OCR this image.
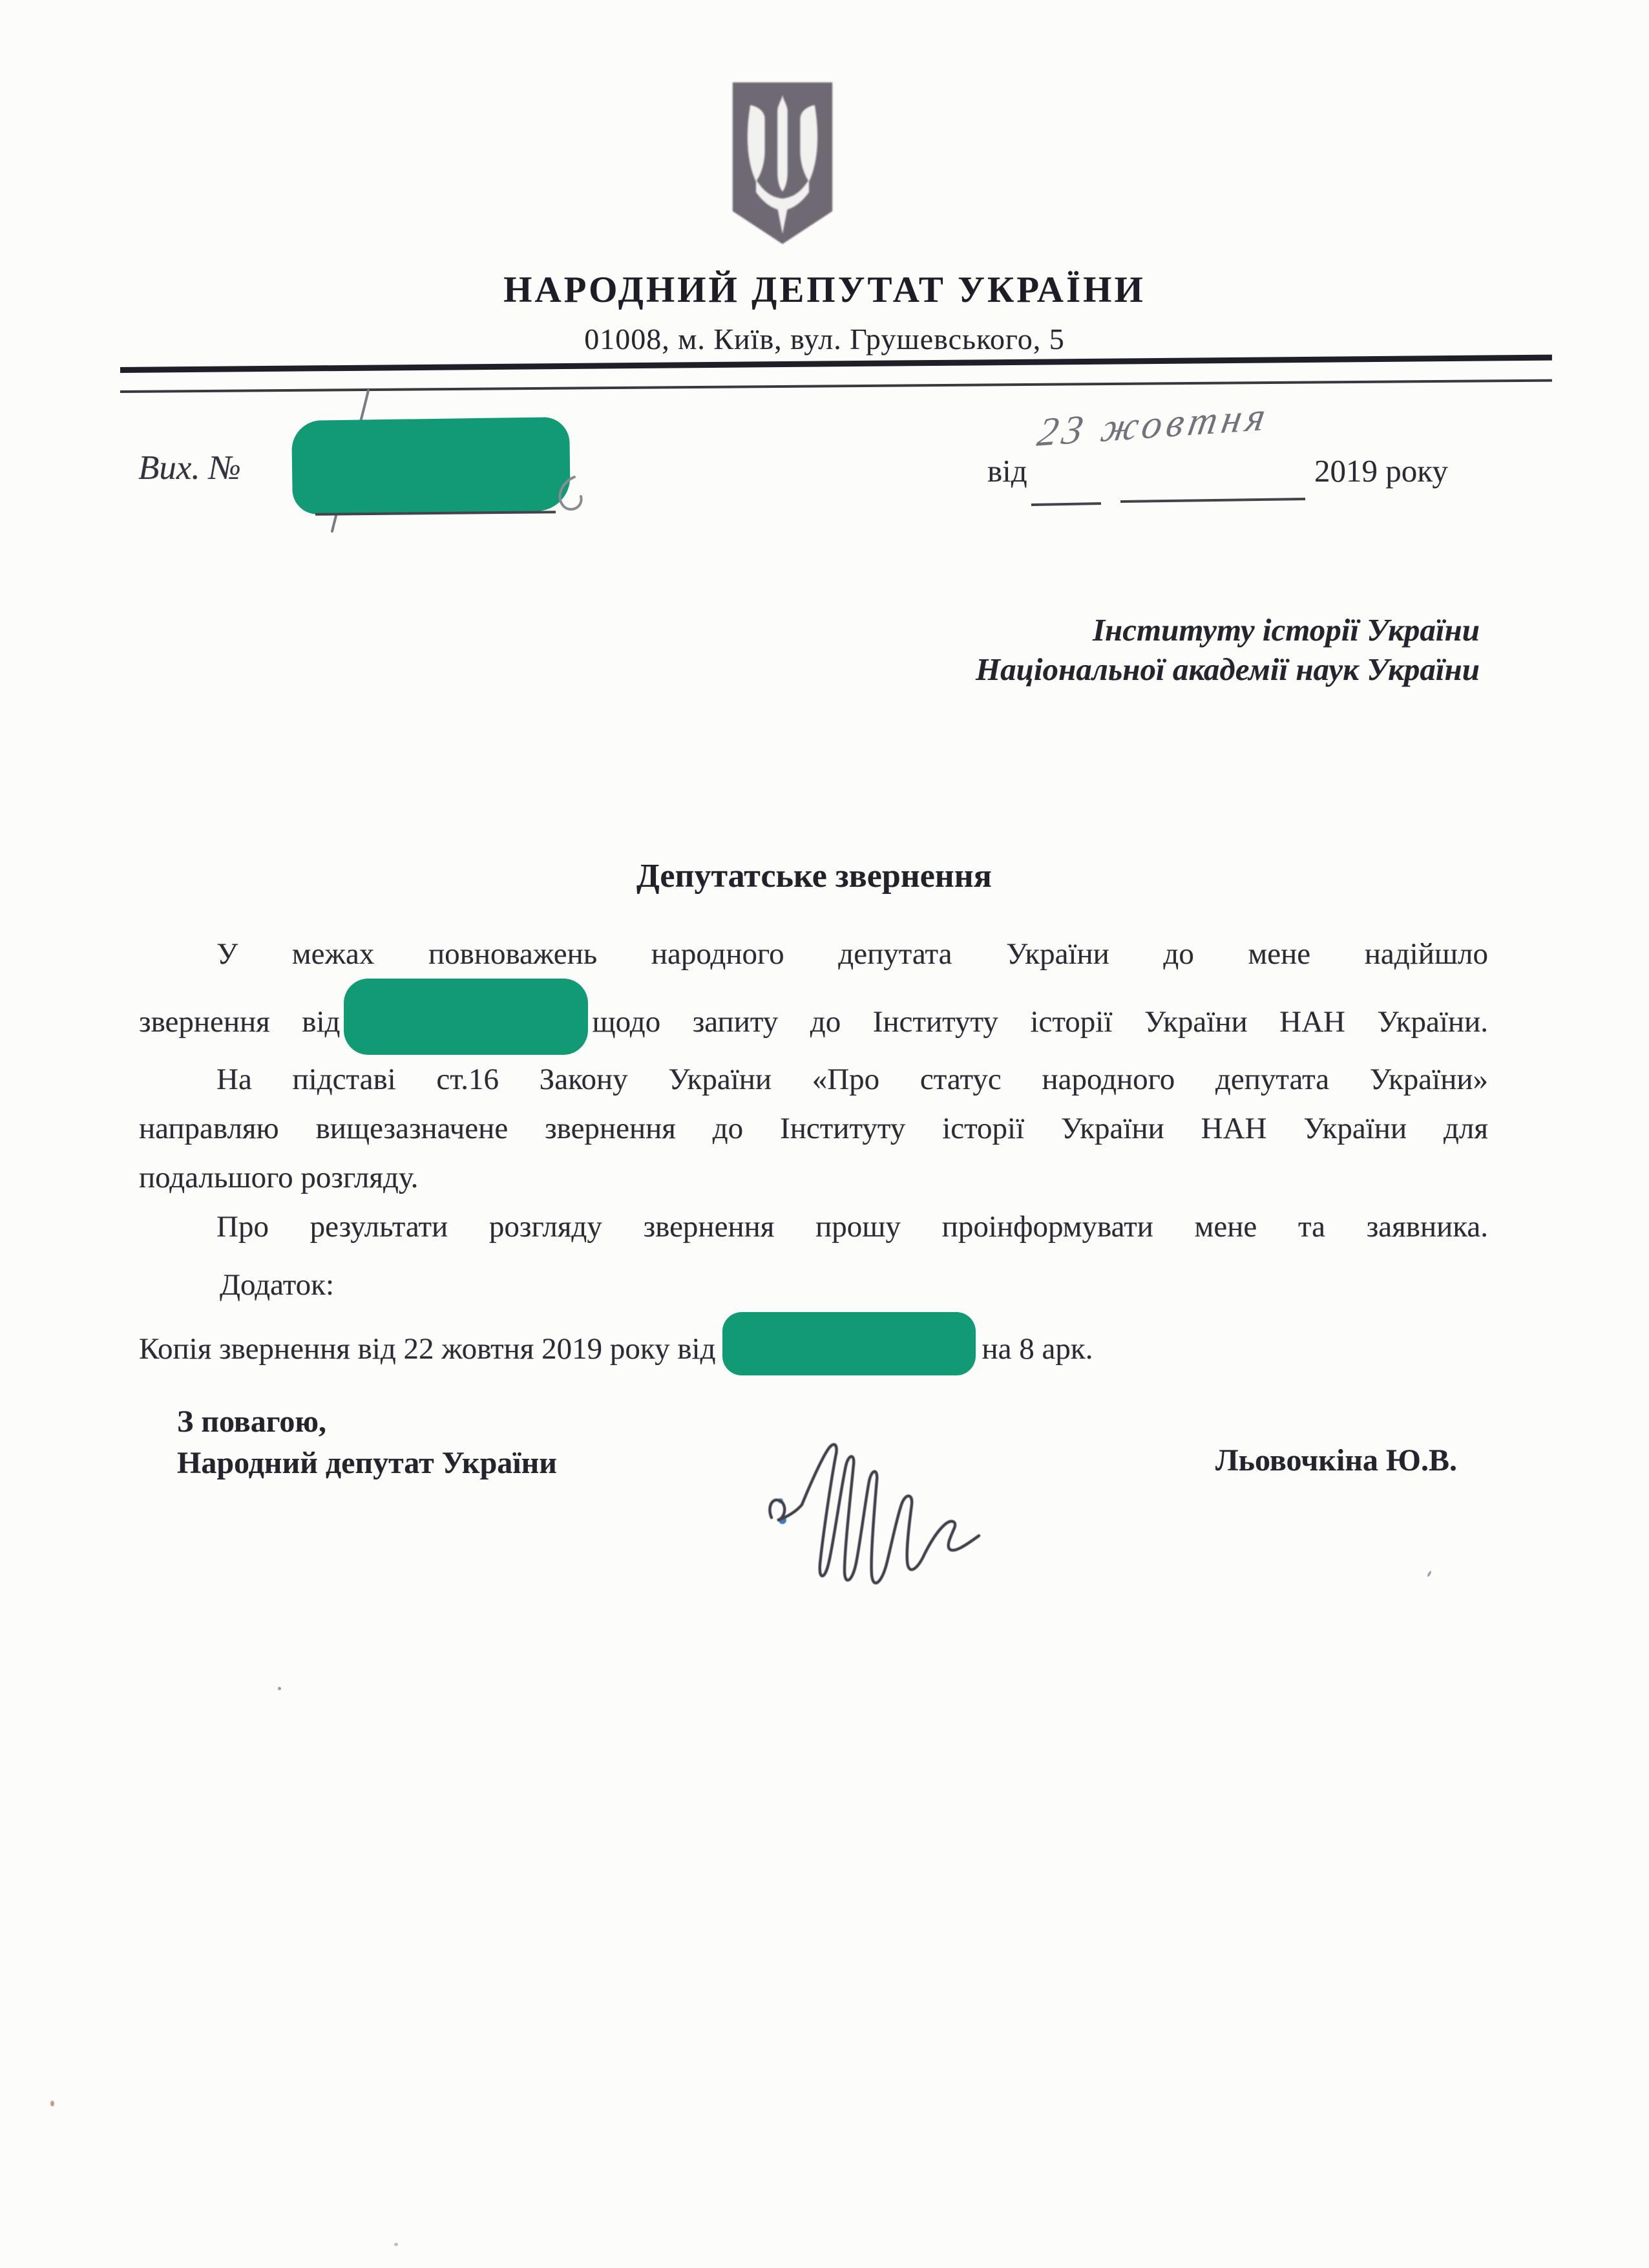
НАРОДНИЙ ДЕПУТАТ УКРАЇНИ
01008, м. Київ, вул. Грушевського, 5
Вих. №	від
23 жовтня
2019 року
Інституту історії України
Національної академії наук України
Депутатське звернення
У межах повноважень народного депутата України до мене надійшло
звернення від	щодо запиту до Інституту історії України НАН України.
На підставі ст.16 Закону України «Про статус народного депутата України»
направляю вищезазначене звернення до Інституту історії України НАН України для
подальшого розгляду.
Про результати розгляду звернення прошу проінформувати мене та заявника.
Додаток:
Копія звернення від 22 жовтня 2019 року від	на 8 арк.
З повагою,
Народний депутат України	Льовочкіна Ю.В.
